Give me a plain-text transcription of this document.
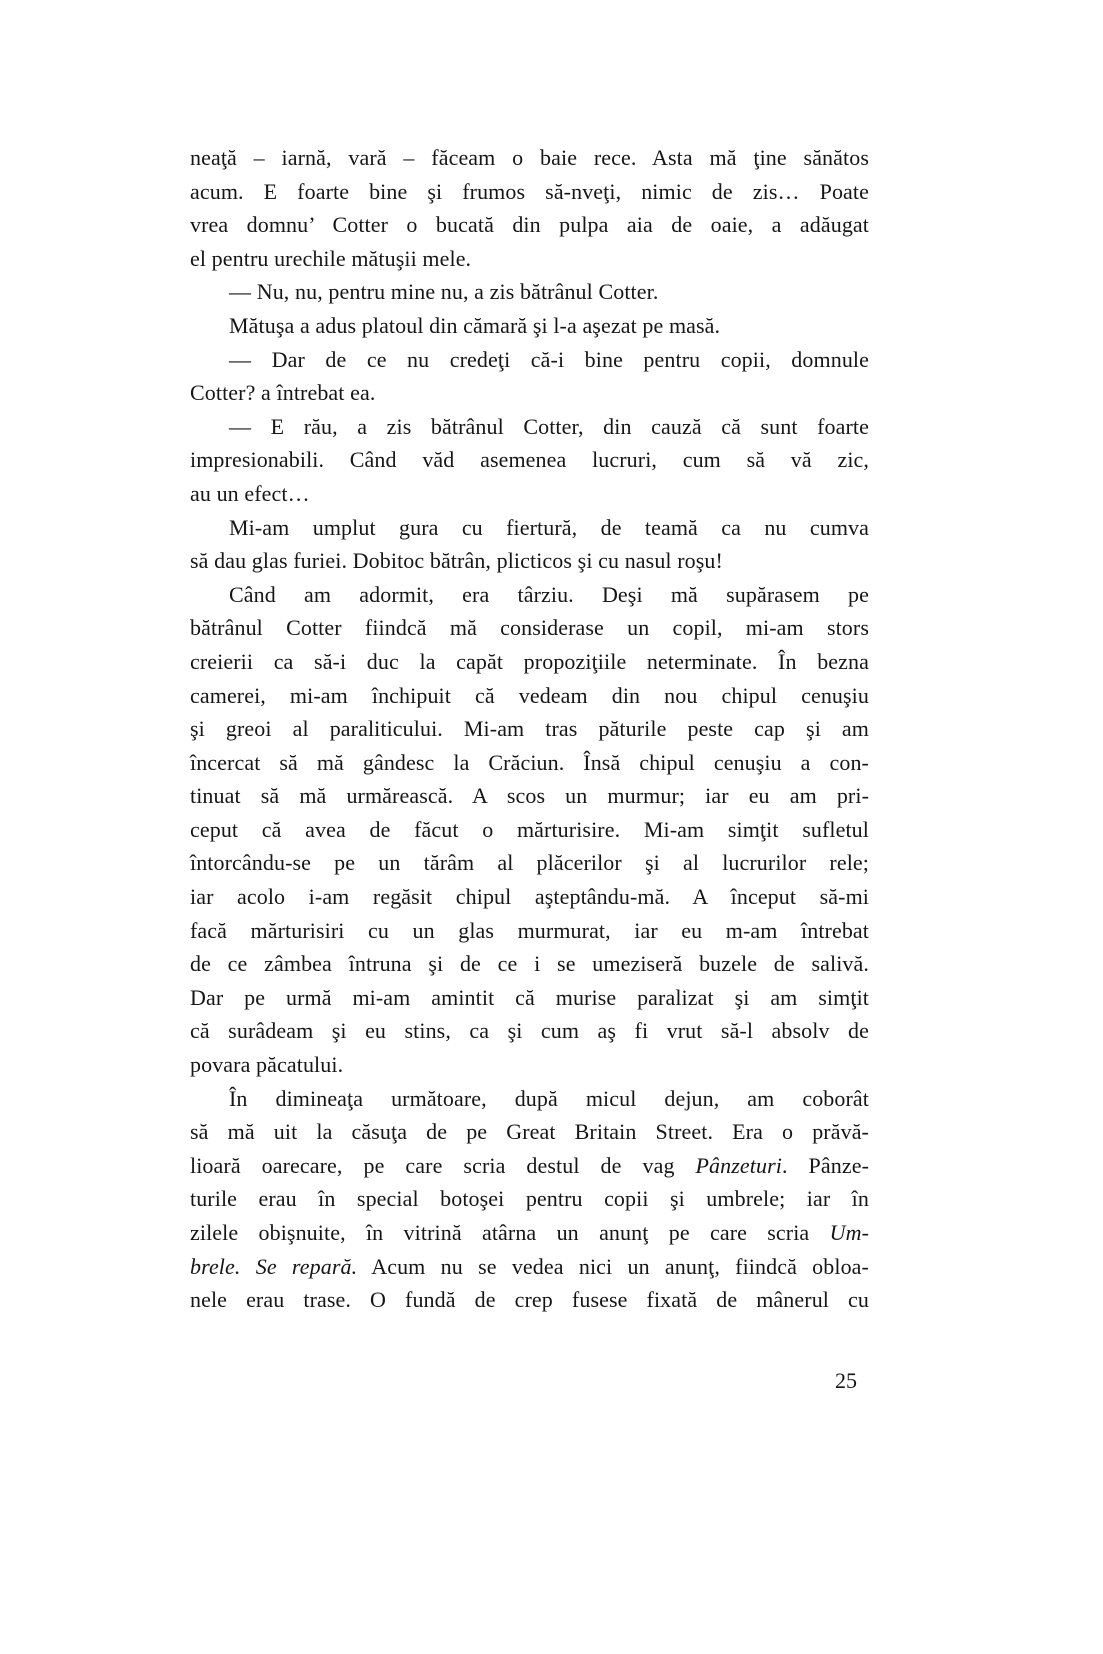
neaţă – iarnă, vară – făceam o baie rece. Asta mă ţine sănătos
acum. E foarte bine şi frumos să-nveţi, nimic de zis… Poate
vrea domnu’ Cotter o bucată din pulpa aia de oaie, a adăugat
el pentru urechile mătuşii mele.
— Nu, nu, pentru mine nu, a zis bătrânul Cotter.
Mătuşa a adus platoul din cămară şi l-a aşezat pe masă.
— Dar de ce nu credeţi că-i bine pentru copii, domnule
Cotter? a întrebat ea.
— E rău, a zis bătrânul Cotter, din cauză că sunt foarte
impresionabili. Când văd asemenea lucruri, cum să vă zic,
au un efect…
Mi-am umplut gura cu fiertură, de teamă ca nu cumva
să dau glas furiei. Dobitoc bătrân, plicticos şi cu nasul roşu!
Când am adormit, era târziu. Deşi mă supărasem pe
bătrânul Cotter fiindcă mă considerase un copil, mi-am stors
creierii ca să-i duc la capăt propoziţiile neterminate. În bezna
camerei, mi-am închipuit că vedeam din nou chipul cenuşiu
şi greoi al paraliticului. Mi-am tras păturile peste cap şi am
încercat să mă gândesc la Crăciun. Însă chipul cenuşiu a con-
tinuat să mă urmărească. A scos un murmur; iar eu am pri-
ceput că avea de făcut o mărturisire. Mi-am simţit sufletul
întorcându-se pe un tărâm al plăcerilor şi al lucrurilor rele;
iar acolo i-am regăsit chipul aşteptându-mă. A început să-mi
facă mărturisiri cu un glas murmurat, iar eu m-am întrebat
de ce zâmbea întruna şi de ce i se umeziseră buzele de salivă.
Dar pe urmă mi-am amintit că murise paralizat şi am simţit
că surâdeam şi eu stins, ca şi cum aş fi vrut să-l absolv de
povara păcatului.
În dimineaţa următoare, după micul dejun, am coborât
să mă uit la căsuţa de pe Great Britain Street. Era o prăvă-
lioară oarecare, pe care scria destul de vag Pânzeturi. Pânze-
turile erau în special botoşei pentru copii şi umbrele; iar în
zilele obişnuite, în vitrină atârna un anunţ pe care scria Um-
brele. Se repară. Acum nu se vedea nici un anunţ, fiindcă obloa-
nele erau trase. O fundă de crep fusese fixată de mânerul cu
25
